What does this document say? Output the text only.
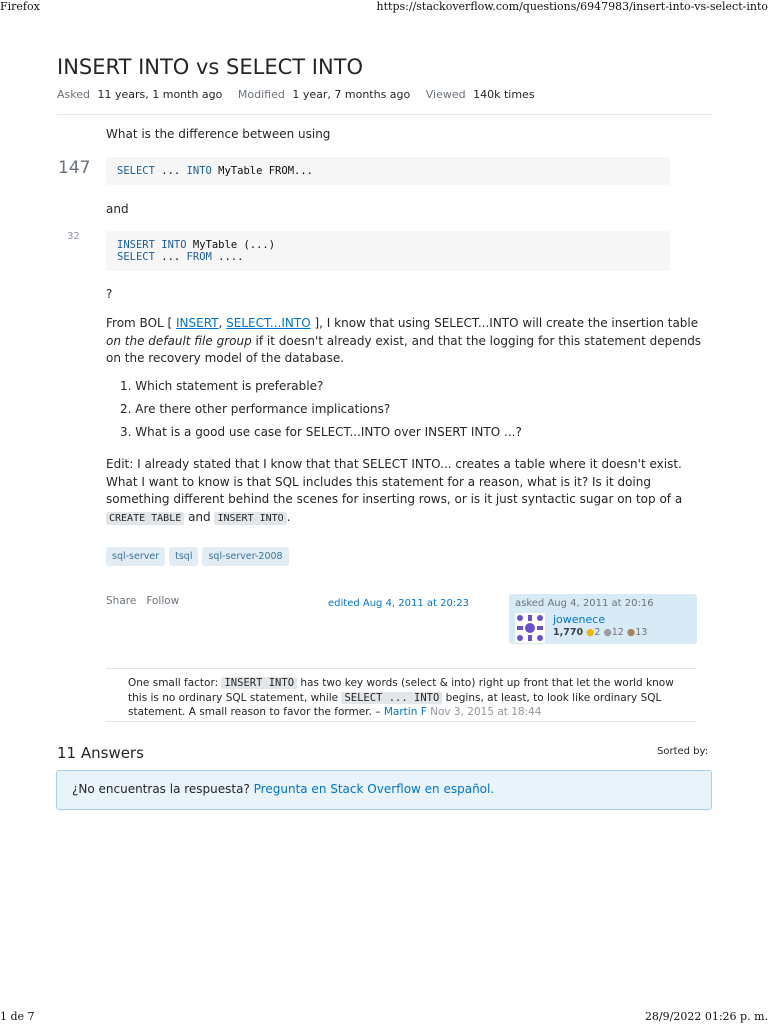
Firefox	https://stackoverflow.com/questions/6947983/insert-into-vs-select-into
INSERT INTO vs SELECT INTO
Asked 11 years, 1 month ago Modified 1 year, 7 months ago Viewed 140k times
147
32
What is the difference between using
SELECT ... INTO MyTable FROM...
and
INSERT INTO MyTable (...)
SELECT ... FROM ....
?
From BOL [ INSERT, SELECT...INTO ], I know that using SELECT...INTO will create the insertion table on the default file group if it doesn't already exist, and that the logging for this statement depends on the recovery model of the database.
1. Which statement is preferable?
2. Are there other performance implications?
3. What is a good use case for SELECT...INTO over INSERT INTO ...?
Edit: I already stated that I know that that SELECT INTO... creates a table where it doesn't exist. What I want to know is that SQL includes this statement for a reason, what is it? Is it doing something different behind the scenes for inserting rows, or is it just syntactic sugar on top of a CREATE TABLE and INSERT INTO .
sql-server tsql sql-server-2008
Share Follow	edited Aug 4, 2011 at 20:23	asked Aug 4, 2011 at 20:16
jowenece
1,770 ●2 ●12 ●13
One small factor: INSERT INTO has two key words (select & into) right up front that let the world know this is no ordinary SQL statement, while SELECT ... INTO begins, at least, to look like ordinary SQL statement. A small reason to favor the former. – Martin F Nov 3, 2015 at 18:44
11 Answers	Sorted by:
¿No encuentras la respuesta? Pregunta en Stack Overflow en español.
1 de 7	28/9/2022 01:26 p. m.
